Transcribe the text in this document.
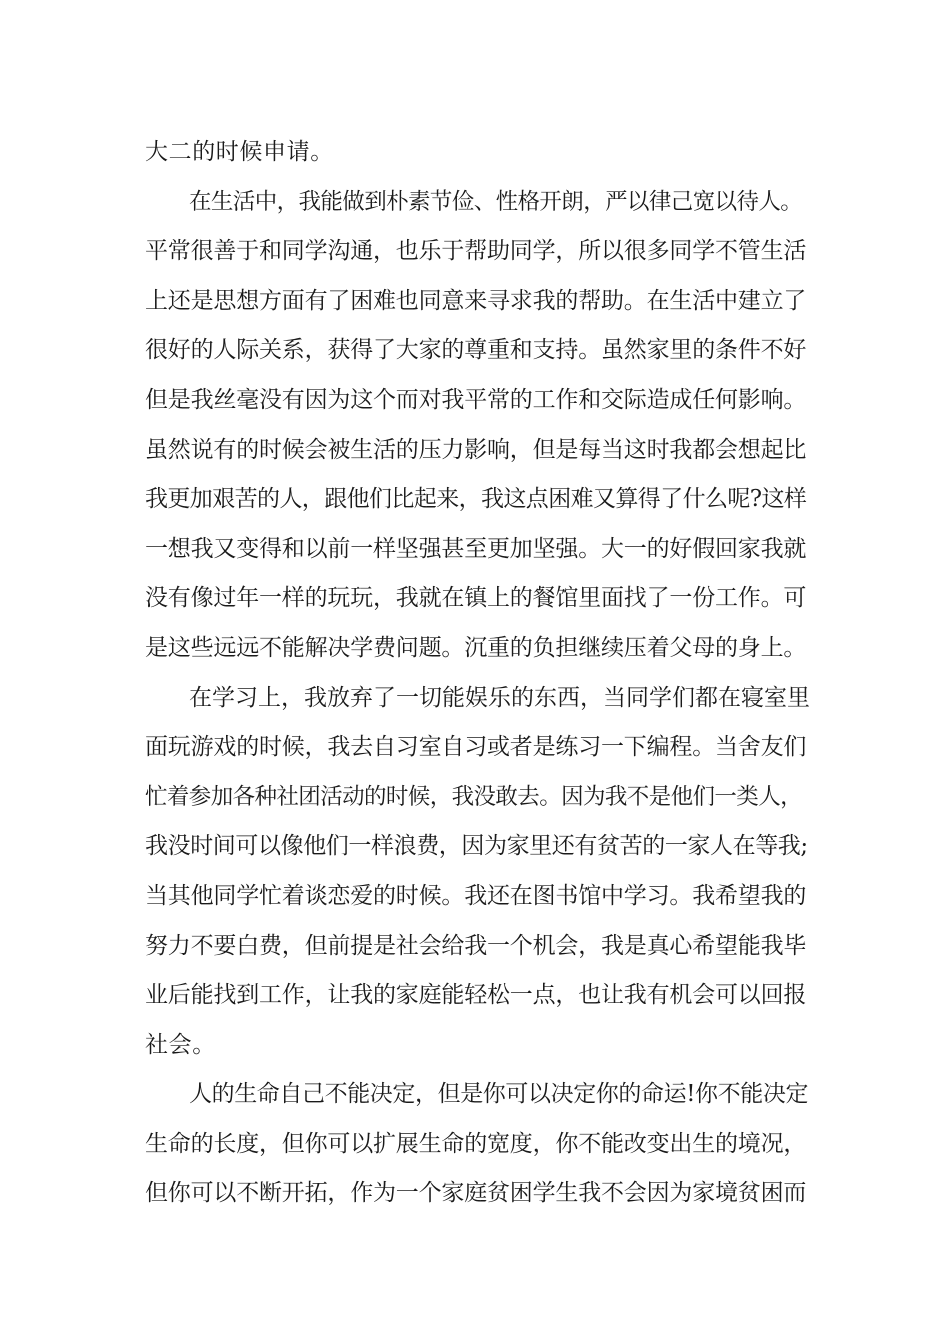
大二的时候申请。
在生活中，我能做到朴素节俭、性格开朗，严以律己宽以待人。
平常很善于和同学沟通，也乐于帮助同学，所以很多同学不管生活
上还是思想方面有了困难也同意来寻求我的帮助。在生活中建立了
很好的人际关系，获得了大家的尊重和支持。虽然家里的条件不好
但是我丝毫没有因为这个而对我平常的工作和交际造成任何影响。
虽然说有的时候会被生活的压力影响，但是每当这时我都会想起比
我更加艰苦的人，跟他们比起来，我这点困难又算得了什么呢?这样
一想我又变得和以前一样坚强甚至更加坚强。大一的好假回家我就
没有像过年一样的玩玩，我就在镇上的餐馆里面找了一份工作。可
是这些远远不能解决学费问题。沉重的负担继续压着父母的身上。
在学习上，我放弃了一切能娱乐的东西，当同学们都在寝室里
面玩游戏的时候，我去自习室自习或者是练习一下编程。当舍友们
忙着参加各种社团活动的时候，我没敢去。因为我不是他们一类人，
我没时间可以像他们一样浪费，因为家里还有贫苦的一家人在等我;
当其他同学忙着谈恋爱的时候。我还在图书馆中学习。我希望我的
努力不要白费，但前提是社会给我一个机会，我是真心希望能我毕
业后能找到工作，让我的家庭能轻松一点，也让我有机会可以回报
社会。
人的生命自己不能决定，但是你可以决定你的命运!你不能决定
生命的长度，但你可以扩展生命的宽度，你不能改变出生的境况，
但你可以不断开拓，作为一个家庭贫困学生我不会因为家境贫困而
